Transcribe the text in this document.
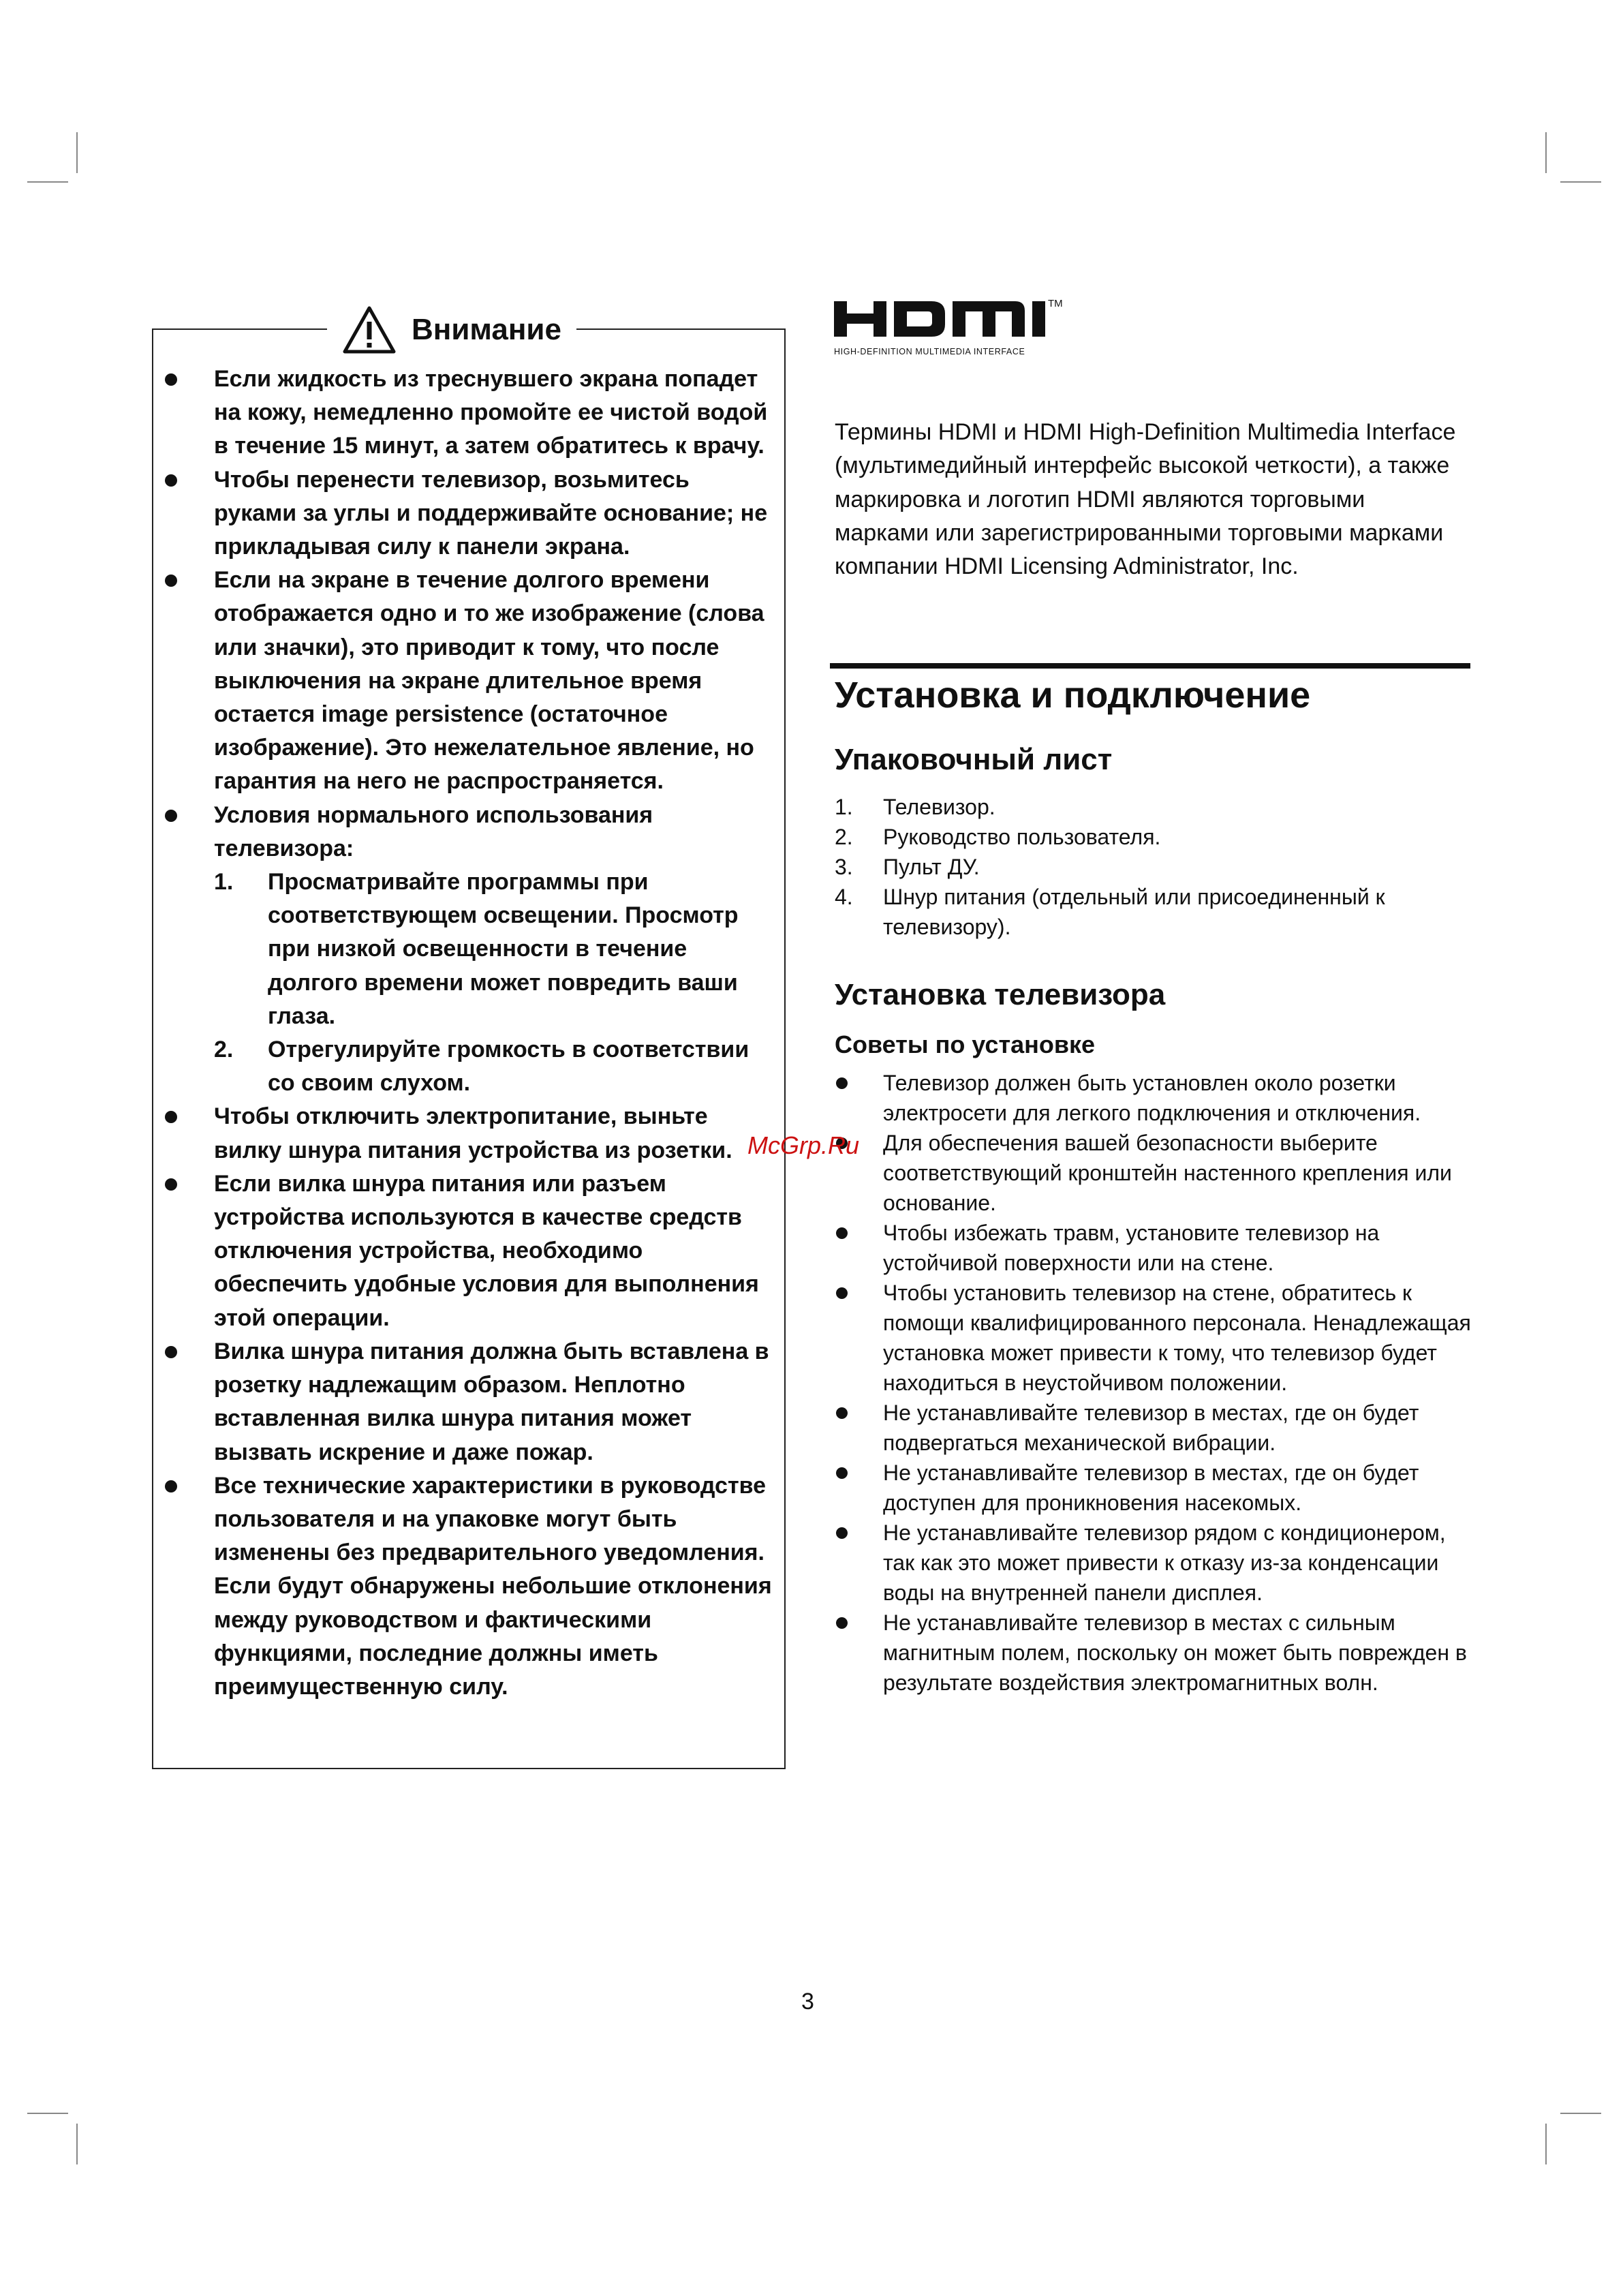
Внимание
Если жидкость из треснувшего экрана попадет на кожу, немедленно промойте ее чистой водой в течение 15 минут, а затем обратитесь к врачу.
Чтобы перенести телевизор, возьмитесь руками за углы и поддерживайте основание; не прикладывая силу к панели экрана.
Если на экране в течение долгого времени отображается одно и то же изображение (слова или значки), это приводит к тому, что после выключения на экране длительное время остается image persistence (остаточное изображение). Это нежелательное явление, но гарантия на него не распространяется.
Условия нормального использования телевизора:
1. Просматривайте программы при соответствующем освещении. Просмотр при низкой освещенности в течение долгого времени может повредить ваши глаза.
2. Отрегулируйте громкость в соответствии со своим слухом.
Чтобы отключить электропитание, выньте вилку шнура питания устройства из розетки.
Если вилка шнура питания или разъем устройства используются в качестве средств отключения устройства, необходимо обеспечить удобные условия для выполнения этой операции.
Вилка шнура питания должна быть вставлена в розетку надлежащим образом. Неплотно вставленная вилка шнура питания может вызвать искрение и даже пожар.
Все технические характеристики в руководстве пользователя и на упаковке могут быть изменены без предварительного уведомления. Если будут обнаружены небольшие отклонения между руководством и фактическими функциями, последние должны иметь преимущественную силу.
TM
HIGH-DEFINITION MULTIMEDIA INTERFACE
Термины HDMI и HDMI High-Definition Multimedia Interface (мультимедийный интерфейс высокой четкости), а также маркировка и логотип HDMI являются торговыми марками или зарегистрированными торговыми марками компании HDMI Licensing Administrator, Inc.
Установка и подключение
Упаковочный лист
1. Телевизор.
2. Руководство пользователя.
3. Пульт ДУ.
4. Шнур питания (отдельный или присоединенный к телевизору).
Установка телевизора
Советы по установке
Телевизор должен быть установлен около розетки электросети для легкого подключения и отключения.
Для обеспечения вашей безопасности выберите соответствующий кронштейн настенного крепления или основание.
Чтобы избежать травм, установите телевизор на устойчивой поверхности или на стене.
Чтобы установить телевизор на стене, обратитесь к помощи квалифицированного персонала. Ненадлежащая установка может привести к тому, что телевизор будет находиться в неустойчивом положении.
Не устанавливайте телевизор в местах, где он будет подвергаться механической вибрации.
Не устанавливайте телевизор в местах, где он будет доступен для проникновения насекомых.
Не устанавливайте телевизор рядом с кондиционером, так как это может привести к отказу из-за конденсации воды на внутренней панели дисплея.
Не устанавливайте телевизор в местах с сильным магнитным полем, поскольку он может быть поврежден в результате воздействия электромагнитных волн.
McGrp.Ru
3
